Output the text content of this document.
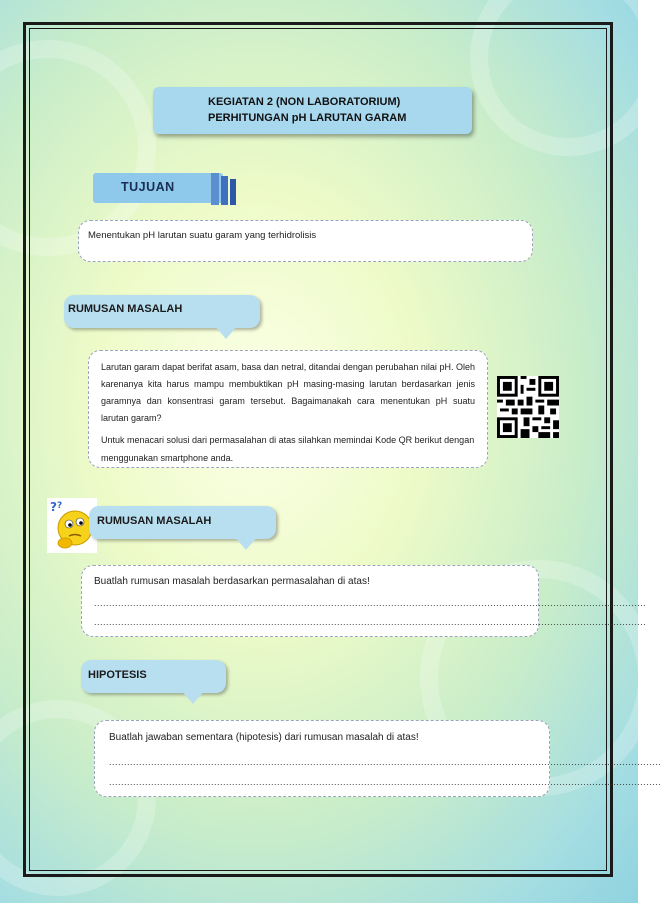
KEGIATAN 2 (NON LABORATORIUM)
PERHITUNGAN pH LARUTAN GARAM
TUJUAN
Menentukan pH larutan suatu garam yang terhidrolisis
RUMUSAN MASALAH
Larutan garam dapat berifat asam, basa dan netral, ditandai dengan perubahan nilai pH. Oleh karenanya kita harus mampu membuktikan pH masing-masing larutan berdasarkan jenis garamnya dan konsentrasi garam tersebut. Bagaimanakah cara menentukan pH suatu larutan garam?
Untuk menacari solusi dari permasalahan di atas silahkan memindai Kode QR berikut dengan menggunakan smartphone anda.
? ?
RUMUSAN MASALAH
Buatlah rumusan masalah berdasarkan permasalahan di atas!
........................................................................................................................................................................................
........................................................................................................................................................................................
HIPOTESIS
Buatlah jawaban sementara (hipotesis) dari rumusan masalah di atas!
........................................................................................................................................................................................
........................................................................................................................................................................................
